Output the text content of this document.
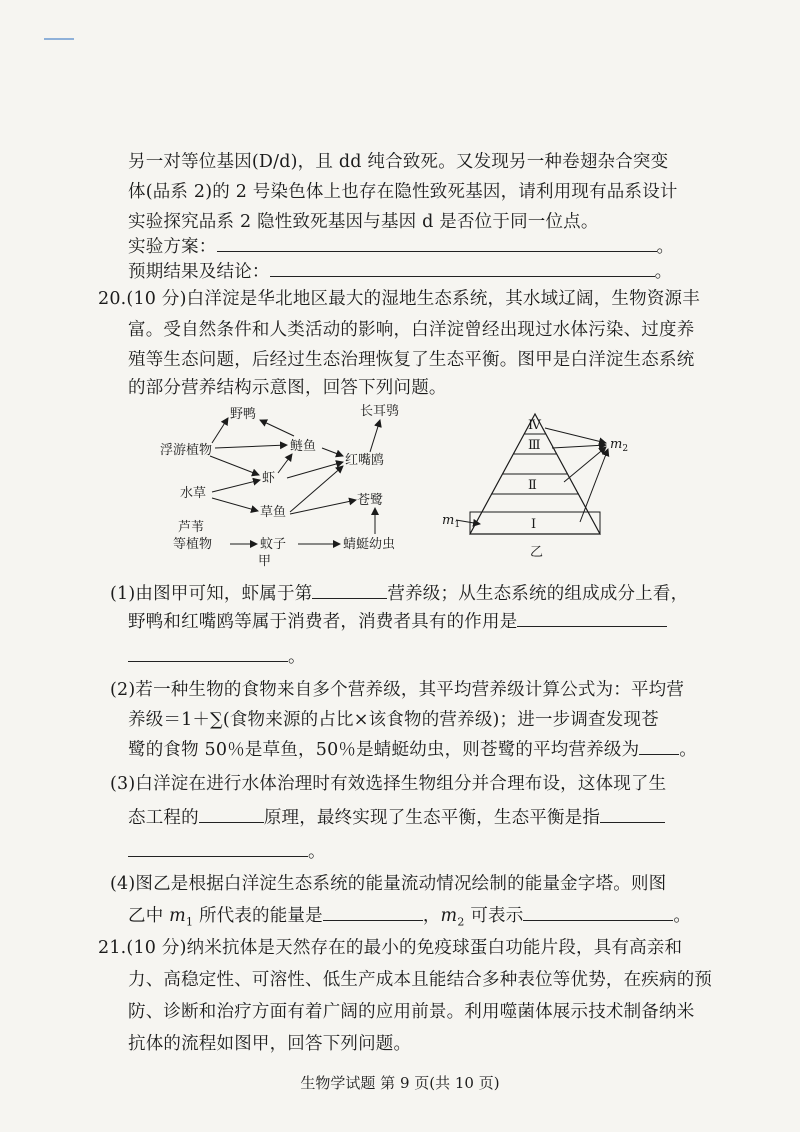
另一对等位基因(D/d)，且 dd 纯合致死。又发现另一种卷翅杂合突变
体(品系 2)的 2 号染色体上也存在隐性致死基因，请利用现有品系设计
实验探究品系 2 隐性致死基因与基因 d 是否位于同一位点。
实验方案：	。
预期结果及结论：	。
20.(10 分)白洋淀是华北地区最大的湿地生态系统，其水域辽阔，生物资源丰
富。受自然条件和人类活动的影响，白洋淀曾经出现过水体污染、过度养
殖等生态问题，后经过生态治理恢复了生态平衡。图甲是白洋淀生态系统
的部分营养结构示意图，回答下列问题。
野鸭	长耳鸮
浮游植物	鲢鱼
虾
红嘴鸥
水草
草鱼
苍鹭
芦苇
等植物	蚊子	蜻蜓幼虫
甲
Ⅳ
Ⅲ
Ⅱ
Ⅰ
$m_1$
$m_2$
乙
(1)由图甲可知，虾属于第	营养级；从生态系统的组成成分上看，
野鸭和红嘴鸥等属于消费者，消费者具有的作用是
。
(2)若一种生物的食物来自多个营养级，其平均营养级计算公式为：平均营
养级＝1＋∑(食物来源的占比×该食物的营养级)；进一步调查发现苍
鹭的食物 50％是草鱼，50％是蜻蜓幼虫，则苍鹭的平均营养级为 。
(3)白洋淀在进行水体治理时有效选择生物组分并合理布设，这体现了生
态工程的	原理，最终实现了生态平衡，生态平衡是指
。
(4)图乙是根据白洋淀生态系统的能量流动情况绘制的能量金字塔。则图
乙中 $m_1$ 所代表的能量是	，$m_2$ 可表示	。
21.(10 分)纳米抗体是天然存在的最小的免疫球蛋白功能片段，具有高亲和
力、高稳定性、可溶性、低生产成本且能结合多种表位等优势，在疾病的预
防、诊断和治疗方面有着广阔的应用前景。利用噬菌体展示技术制备纳米
抗体的流程如图甲，回答下列问题。
生物学试题 第 9 页(共 10 页)
